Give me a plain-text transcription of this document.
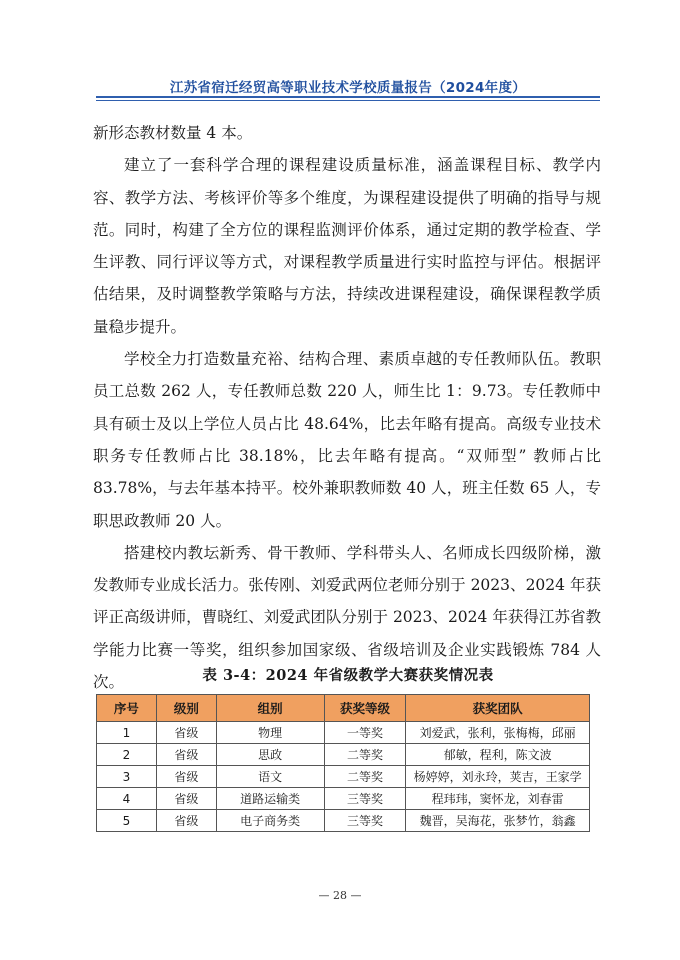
江苏省宿迁经贸高等职业技术学校质量报告（2024年度）

新形态教材数量 4 本。

建立了一套科学合理的课程建设质量标准，涵盖课程目标、教学内容、教学方法、考核评价等多个维度，为课程建设提供了明确的指导与规范。同时，构建了全方位的课程监测评价体系，通过定期的教学检查、学生评教、同行评议等方式，对课程教学质量进行实时监控与评估。根据评估结果，及时调整教学策略与方法，持续改进课程建设，确保课程教学质量稳步提升。

学校全力打造数量充裕、结构合理、素质卓越的专任教师队伍。教职员工总数 262 人，专任教师总数 220 人，师生比 1：9.73。专任教师中具有硕士及以上学位人员占比 48.64%，比去年略有提高。高级专业技术职务专任教师占比 38.18%，比去年略有提高。“双师型” 教师占比 83.78%，与去年基本持平。校外兼职教师数 40 人，班主任数 65 人，专职思政教师 20 人。

搭建校内教坛新秀、骨干教师、学科带头人、名师成长四级阶梯，激发教师专业成长活力。张传刚、刘爱武两位老师分别于 2023、2024 年获评正高级讲师，曹晓红、刘爱武团队分别于 2023、2024 年获得江苏省教学能力比赛一等奖，组织参加国家级、省级培训及企业实践锻炼 784 人次。	表 3-4：2024 年省级教学大赛获奖情况表
序号	级别	组别	获奖等级	获奖团队
1	省级	物理	一等奖	刘爱武，张利，张梅梅，邱丽
2	省级	思政	二等奖	郁敏，程利，陈文波
3	省级	语文	二等奖	杨婷婷，刘永玲，荚吉，王家学
4	省级	道路运输类	三等奖	程玮玮，窦怀龙，刘春雷
5	省级	电子商务类	三等奖	魏晋，吴海花，张梦竹，翁鑫
— 28 —
